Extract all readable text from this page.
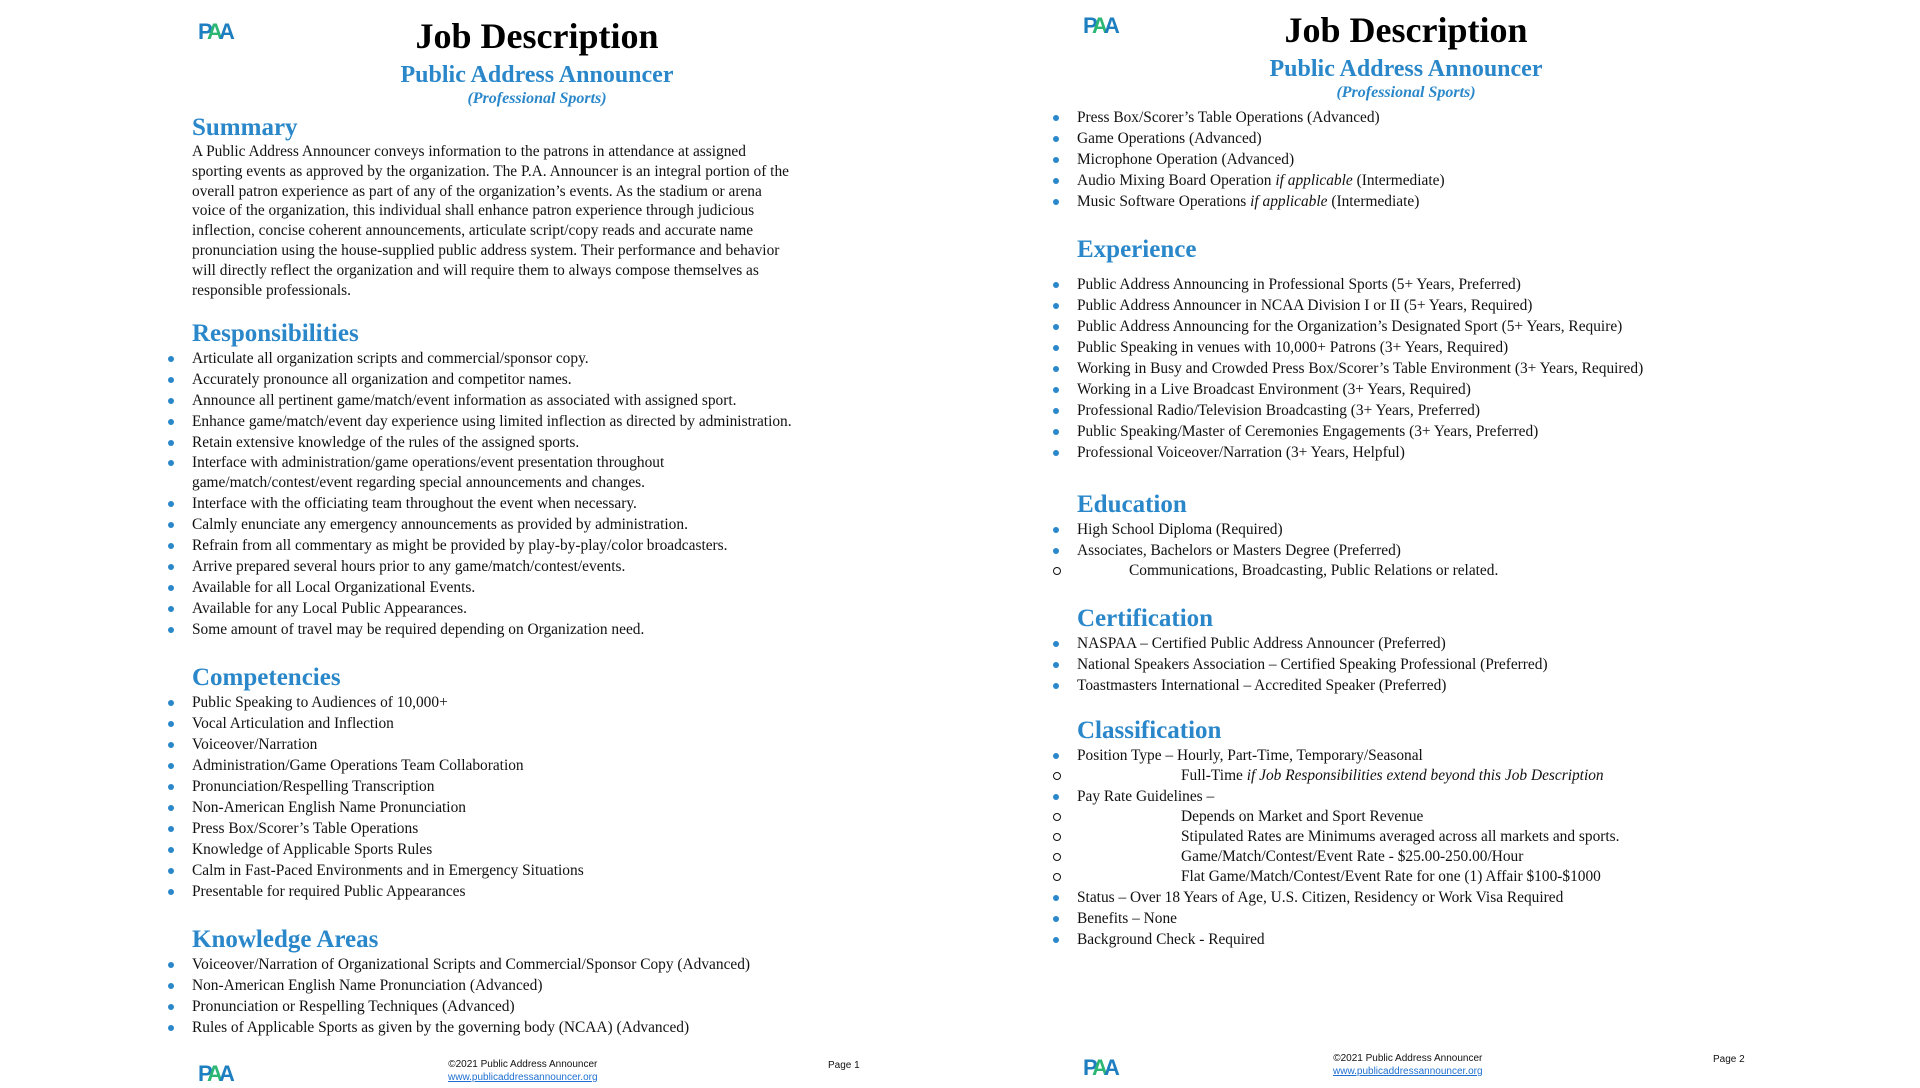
PAA	Job Description

Public Address Announcer

(Professional Sports)

Summary

A Public Address Announcer conveys information to the patrons in attendance at assigned

sporting events as approved by the organization. The P.A. Announcer is an integral portion of the

overall patron experience as part of any of the organization’s events. As the stadium or arena

voice of the organization, this individual shall enhance patron experience through judicious

inflection, concise coherent announcements, articulate script/copy reads and accurate name

pronunciation using the house-supplied public address system. Their performance and behavior

will directly reflect the organization and will require them to always compose themselves as

responsible professionals.

Responsibilities

Articulate all organization scripts and commercial/sponsor copy.
Accurately pronounce all organization and competitor names.
Announce all pertinent game/match/event information as associated with assigned sport.
Enhance game/match/event day experience using limited inflection as directed by administration.
Retain extensive knowledge of the rules of the assigned sports.
Interface with administration/game operations/event presentation throughout
game/match/contest/event regarding special announcements and changes.
Interface with the officiating team throughout the event when necessary.
Calmly enunciate any emergency announcements as provided by administration.
Refrain from all commentary as might be provided by play-by-play/color broadcasters.
Arrive prepared several hours prior to any game/match/contest/events.
Available for all Local Organizational Events.
Available for any Local Public Appearances.
Some amount of travel may be required depending on Organization need.

Competencies

Public Speaking to Audiences of 10,000+
Vocal Articulation and Inflection
Voiceover/Narration
Administration/Game Operations Team Collaboration
Pronunciation/Respelling Transcription
Non-American English Name Pronunciation
Press Box/Scorer’s Table Operations
Knowledge of Applicable Sports Rules
Calm in Fast-Paced Environments and in Emergency Situations
Presentable for required Public Appearances

Knowledge Areas

Voiceover/Narration of Organizational Scripts and Commercial/Sponsor Copy (Advanced)
Non-American English Name Pronunciation (Advanced)
Pronunciation or Respelling Techniques (Advanced)
Rules of Applicable Sports as given by the governing body (NCAA) (Advanced)
PAA	©2021 Public Address Announcer
www.publicaddressannouncer.org
Page 1
PAA	Job Description

Public Address Announcer

(Professional Sports)

Press Box/Scorer’s Table Operations (Advanced)
Game Operations (Advanced)
Microphone Operation (Advanced)
Audio Mixing Board Operation if applicable (Intermediate)
Music Software Operations if applicable (Intermediate)

Experience

Public Address Announcing in Professional Sports (5+ Years, Preferred)
Public Address Announcer in NCAA Division I or II (5+ Years, Required)
Public Address Announcing for the Organization’s Designated Sport (5+ Years, Require)
Public Speaking in venues with 10,000+ Patrons (3+ Years, Required)
Working in Busy and Crowded Press Box/Scorer’s Table Environment (3+ Years, Required)
Working in a Live Broadcast Environment (3+ Years, Required)
Professional Radio/Television Broadcasting (3+ Years, Preferred)
Public Speaking/Master of Ceremonies Engagements (3+ Years, Preferred)
Professional Voiceover/Narration (3+ Years, Helpful)

Education

High School Diploma (Required)
Associates, Bachelors or Masters Degree (Preferred)
Communications, Broadcasting, Public Relations or related.

Certification

NASPAA – Certified Public Address Announcer (Preferred)
National Speakers Association – Certified Speaking Professional (Preferred)
Toastmasters International – Accredited Speaker (Preferred)

Classification

Position Type – Hourly, Part-Time, Temporary/Seasonal
Full-Time if Job Responsibilities extend beyond this Job Description
Pay Rate Guidelines –
Depends on Market and Sport Revenue
Stipulated Rates are Minimums averaged across all markets and sports.
Game/Match/Contest/Event Rate - $25.00-250.00/Hour
Flat Game/Match/Contest/Event Rate for one (1) Affair $100-$1000
Status – Over 18 Years of Age, U.S. Citizen, Residency or Work Visa Required
Benefits – None
Background Check - Required
PAA	©2021 Public Address Announcer
www.publicaddressannouncer.org
Page 2
